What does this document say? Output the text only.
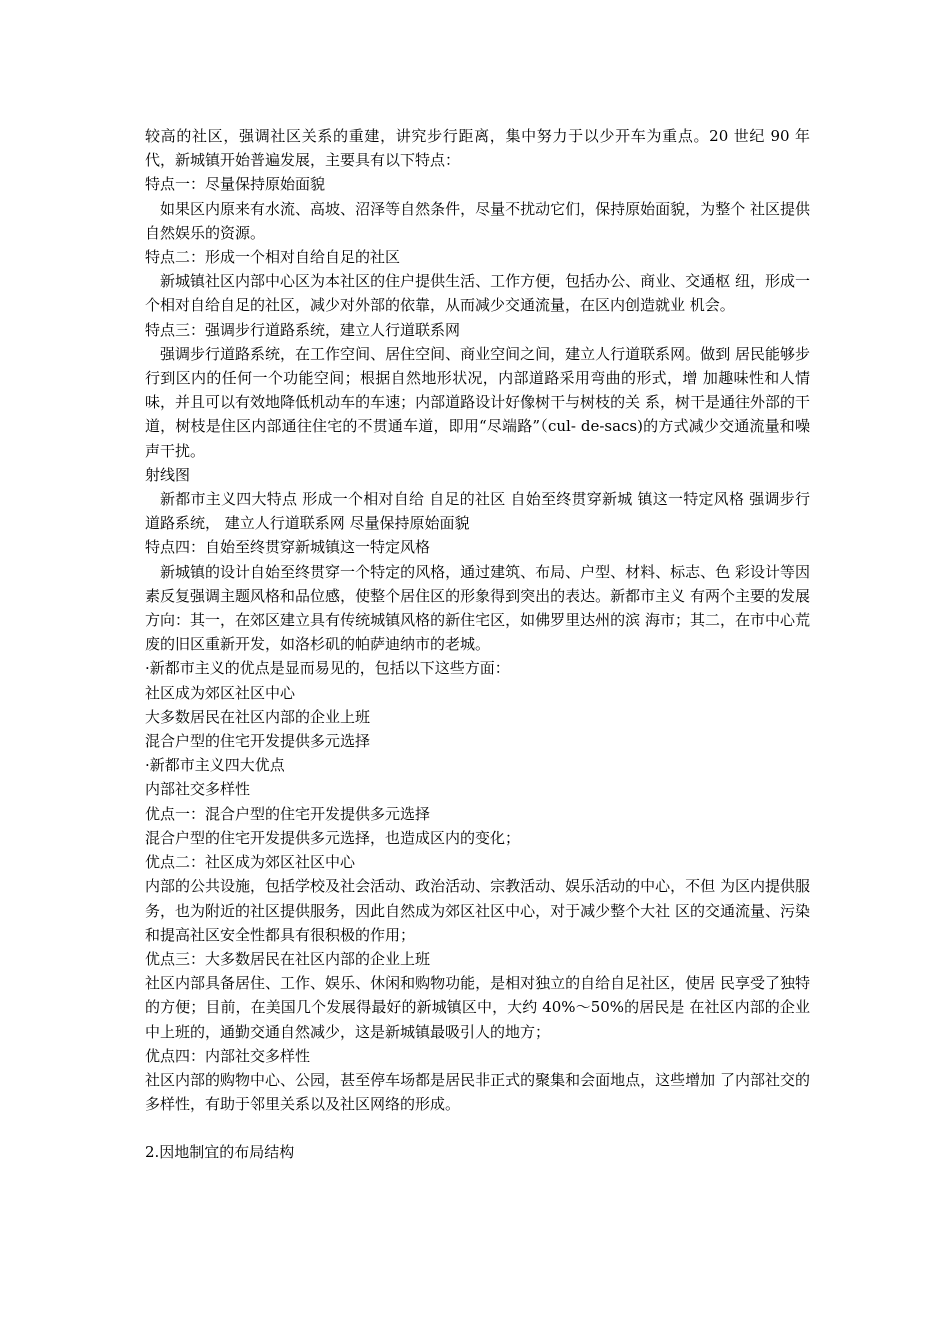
较高的社区，强调社区关系的重建，讲究步行距离，集中努力于以少开车为重点。20 世纪 90 年代，新城镇开始普遍发展，主要具有以下特点：

特点一：尽量保持原始面貌

如果区内原来有水流、高坡、沼泽等自然条件，尽量不扰动它们，保持原始面貌，为整个 社区提供自然娱乐的资源。

特点二：形成一个相对自给自足的社区

新城镇社区内部中心区为本社区的住户提供生活、工作方便，包括办公、商业、交通枢 纽，形成一个相对自给自足的社区，减少对外部的依靠，从而减少交通流量，在区内创造就业 机会。

特点三：强调步行道路系统，建立人行道联系网

强调步行道路系统，在工作空间、居住空间、商业空间之间，建立人行道联系网。做到 居民能够步行到区内的任何一个功能空间；根据自然地形状况，内部道路采用弯曲的形式，增 加趣味性和人情味，并且可以有效地降低机动车的车速；内部道路设计好像树干与树枝的关 系，树干是通往外部的干道，树枝是住区内部通往住宅的不贯通车道，即用“尽端路”（cul- de-sacs)的方式减少交通流量和噪声干扰。

射线图

新都市主义四大特点 形成一个相对自给 自足的社区 自始至终贯穿新城 镇这一特定风格 强调步行道路系统， 建立人行道联系网 尽量保持原始面貌

特点四：自始至终贯穿新城镇这一特定风格

新城镇的设计自始至终贯穿一个特定的风格，通过建筑、布局、户型、材料、标志、色 彩设计等因素反复强调主题风格和品位感，使整个居住区的形象得到突出的表达。新都市主义 有两个主要的发展方向：其一，在郊区建立具有传统城镇风格的新住宅区，如佛罗里达州的滨 海市；其二，在市中心荒废的旧区重新开发，如洛杉矶的帕萨迪纳市的老城。

·新都市主义的优点是显而易见的，包括以下这些方面：

社区成为郊区社区中心

大多数居民在社区内部的企业上班

混合户型的住宅开发提供多元选择

·新都市主义四大优点

内部社交多样性

优点一：混合户型的住宅开发提供多元选择

混合户型的住宅开发提供多元选择，也造成区内的变化；

优点二：社区成为郊区社区中心

内部的公共设施，包括学校及社会活动、政治活动、宗教活动、娱乐活动的中心，不但 为区内提供服务，也为附近的社区提供服务，因此自然成为郊区社区中心，对于减少整个大社 区的交通流量、污染和提高社区安全性都具有很积极的作用；

优点三：大多数居民在社区内部的企业上班

社区内部具备居住、工作、娱乐、休闲和购物功能，是相对独立的自给自足社区，使居 民享受了独特的方便；目前，在美国几个发展得最好的新城镇区中，大约 40%～50%的居民是 在社区内部的企业中上班的，通勤交通自然减少，这是新城镇最吸引人的地方；

优点四：内部社交多样性

社区内部的购物中心、公园，甚至停车场都是居民非正式的聚集和会面地点，这些增加 了内部社交的多样性，有助于邻里关系以及社区网络的形成。

2.因地制宜的布局结构
